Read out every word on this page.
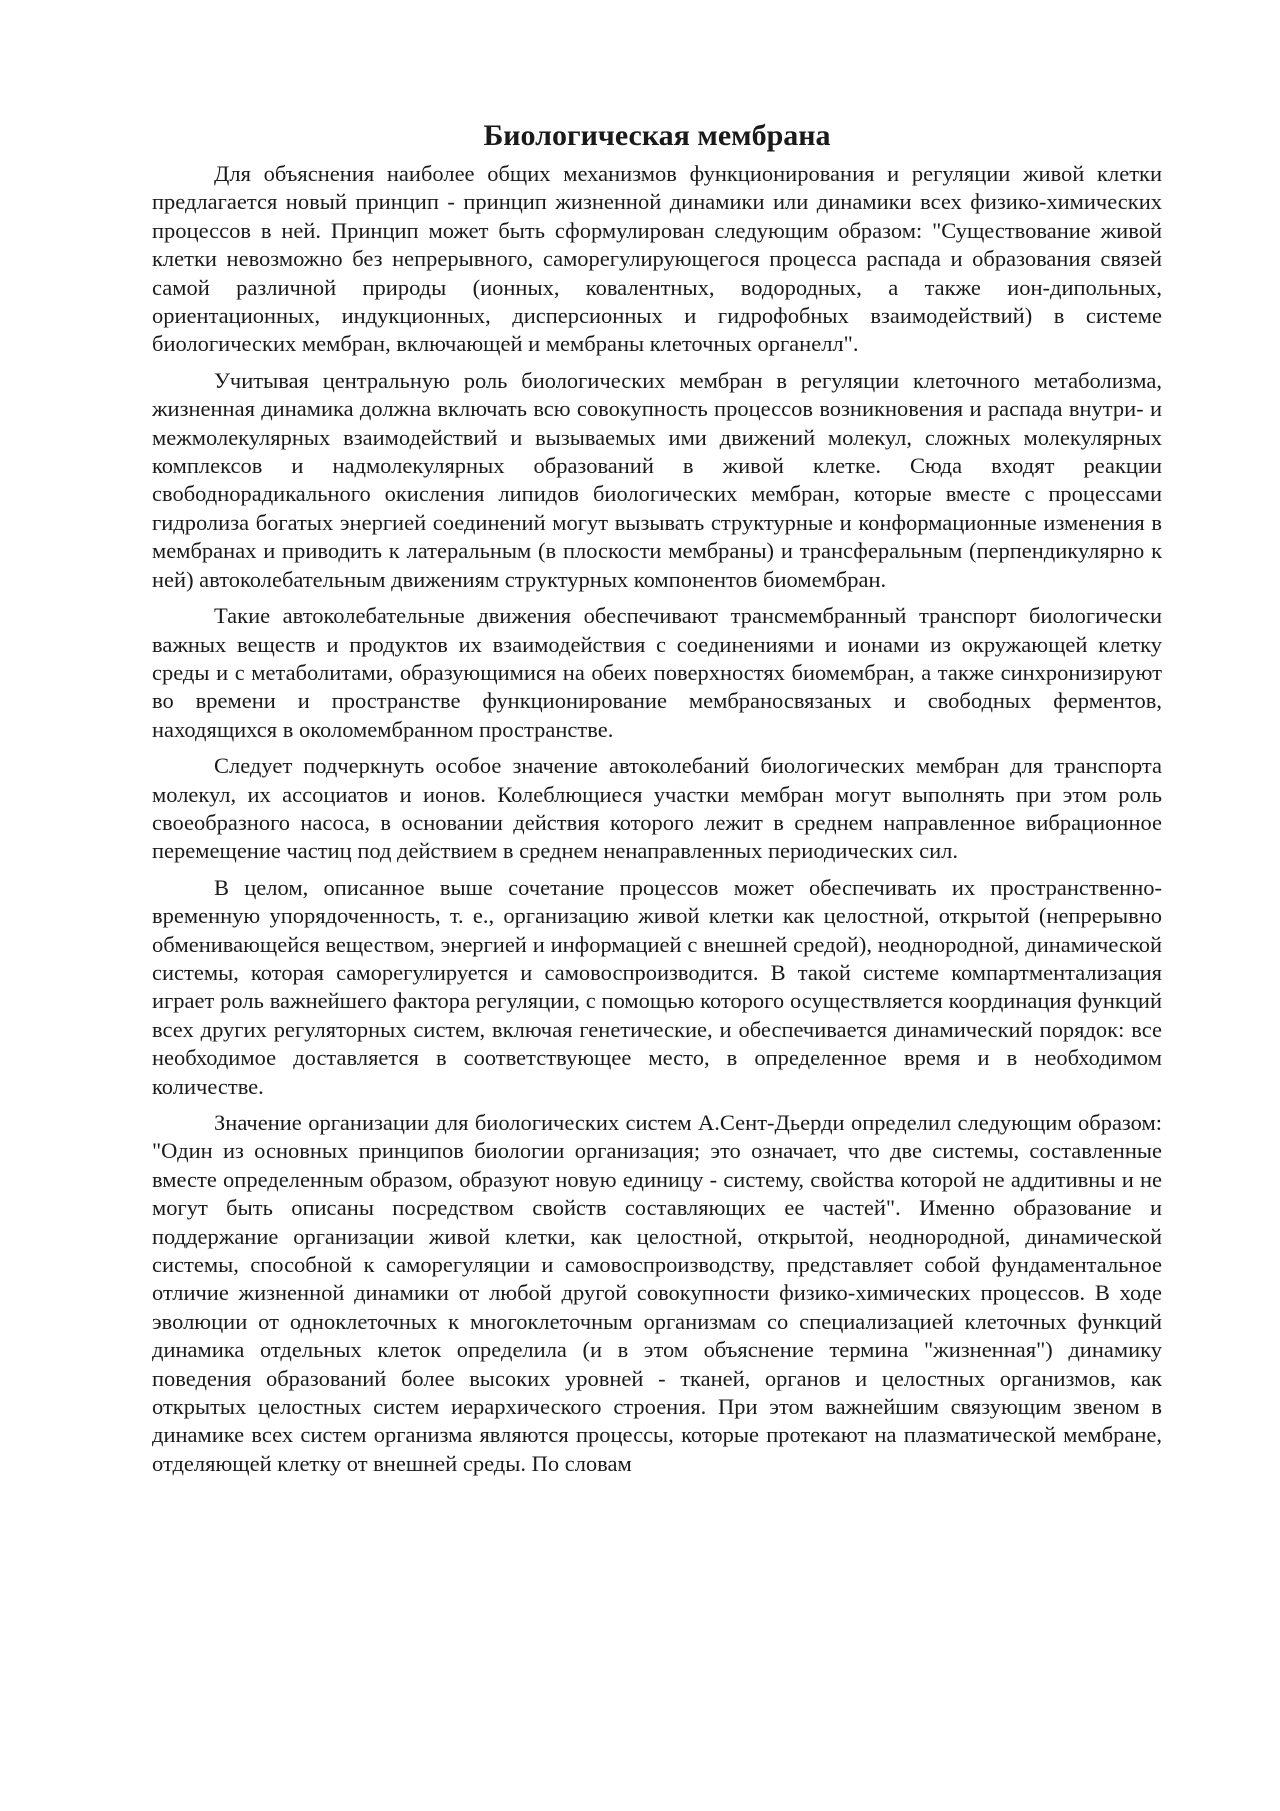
Биологическая мембрана

Для объяснения наиболее общих механизмов функционирования и регуляции живой клетки предлагается новый принцип - принцип жизненной динамики или динамики всех физико-химических процессов в ней. Принцип может быть сформулирован следующим образом: "Существование живой клетки невозможно без непрерывного, саморегулирующегося процесса распада и образования связей самой различной природы (ионных, ковалентных, водородных, а также ион-дипольных, ориентационных, индукционных, дисперсионных и гидрофобных взаимодействий) в системе биологических мембран, включающей и мембраны клеточных органелл".

Учитывая центральную роль биологических мембран в регуляции клеточного метаболизма, жизненная динамика должна включать всю совокупность процессов возникновения и распада внутри- и межмолекулярных взаимодействий и вызываемых ими движений молекул, сложных молекулярных комплексов и надмолекулярных образований в живой клетке. Сюда входят реакции свободнорадикального окисления липидов биологических мембран, которые вместе с процессами гидролиза богатых энергией соединений могут вызывать структурные и конформационные изменения в мембранах и приводить к латеральным (в плоскости мембраны) и трансферальным (перпендикулярно к ней) автоколебательным движениям структурных компонентов биомембран.

Такие автоколебательные движения обеспечивают трансмембранный транспорт биологически важных веществ и продуктов их взаимодействия с соединениями и ионами из окружающей клетку среды и с метаболитами, образующимися на обеих поверхностях биомембран, а также синхронизируют во времени и пространстве функционирование мембраносвязаных и свободных ферментов, находящихся в околомембранном пространстве.

Следует подчеркнуть особое значение автоколебаний биологических мембран для транспорта молекул, их ассоциатов и ионов. Колеблющиеся участки мембран могут выполнять при этом роль своеобразного насоса, в основании действия которого лежит в среднем направленное вибрационное перемещение частиц под действием в среднем ненаправленных периодических сил.

В целом, описанное выше сочетание процессов может обеспечивать их пространственно-временную упорядоченность, т. е., организацию живой клетки как целостной, открытой (непрерывно обменивающейся веществом, энергией и информацией с внешней средой), неоднородной, динамической системы, которая саморегулируется и самовоспроизводится. В такой системе компартментализация играет роль важнейшего фактора регуляции, с помощью которого осуществляется координация функций всех других регуляторных систем, включая генетические, и обеспечивается динамический порядок: все необходимое доставляется в соответствующее место, в определенное время и в необходимом количестве.

Значение организации для биологических систем А.Сент-Дьерди определил следующим образом: "Один из основных принципов биологии организация; это означает, что две системы, составленные вместе определенным образом, образуют новую единицу - систему, свойства которой не аддитивны и не могут быть описаны посредством свойств составляющих ее частей". Именно образование и поддержание организации живой клетки, как целостной, открытой, неоднородной, динамической системы, способной к саморегуляции и самовоспроизводству, представляет собой фундаментальное отличие жизненной динамики от любой другой совокупности физико-химических процессов. В ходе эволюции от одноклеточных к многоклеточным организмам со специализацией клеточных функций динамика отдельных клеток определила (и в этом объяснение термина "жизненная") динамику поведения образований более высоких уровней - тканей, органов и целостных организмов, как открытых целостных систем иерархического строения. При этом важнейшим связующим звеном в динамике всех систем организма являются процессы, которые протекают на плазматической мембране, отделяющей клетку от внешней среды. По словам
